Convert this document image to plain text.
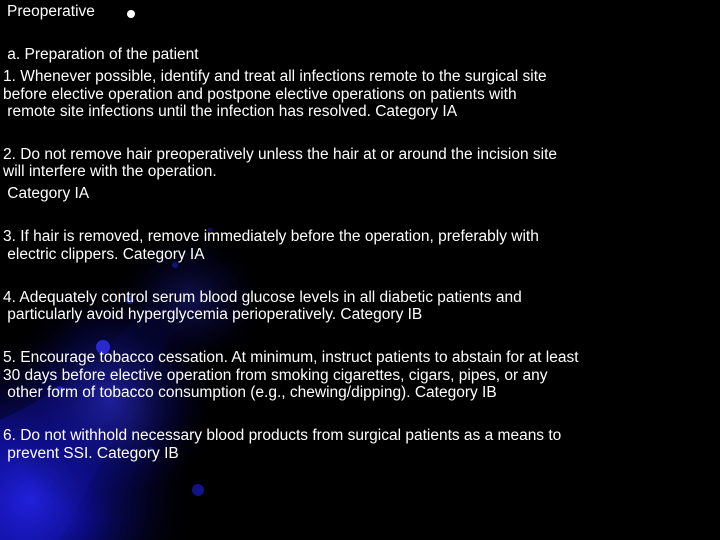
Preoperative
a. Preparation of the patient
1. Whenever possible, identify and treat all infections remote to the surgical site
before elective operation and postpone elective operations on patients with
remote site infections until the infection has resolved. Category IA
2. Do not remove hair preoperatively unless the hair at or around the incision site
will interfere with the operation.
Category IA
3. If hair is removed, remove immediately before the operation, preferably with
electric clippers. Category IA
4. Adequately control serum blood glucose levels in all diabetic patients and
particularly avoid hyperglycemia perioperatively. Category IB
5. Encourage tobacco cessation. At minimum, instruct patients to abstain for at least
30 days before elective operation from smoking cigarettes, cigars, pipes, or any
other form of tobacco consumption (e.g., chewing/dipping). Category IB
6. Do not withhold necessary blood products from surgical patients as a means to
prevent SSI. Category IB
